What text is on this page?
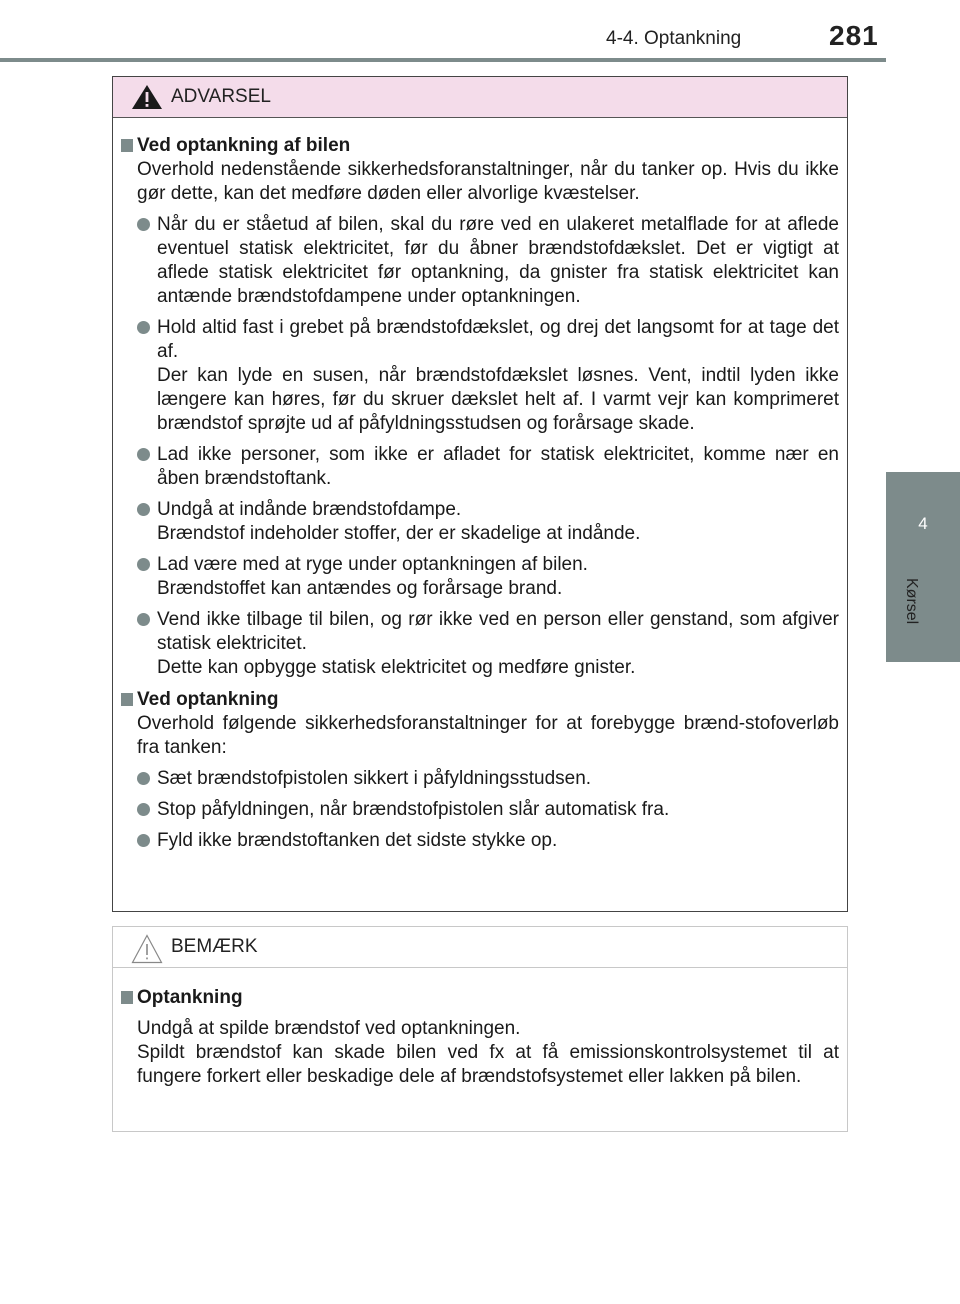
4-4. Optankning	281
4
Kørsel
ADVARSEL
Ved optankning af bilen

Overhold nedenstående sikkerhedsforanstaltninger, når du tanker op. Hvis du ikke gør dette, kan det medføre døden eller alvorlige kvæstelser.

Når du er ståetud af bilen, skal du røre ved en ulakeret metalflade for at aflede eventuel statisk elektricitet, før du åbner brændstofdækslet. Det er vigtigt at aflede statisk elektricitet før optankning, da gnister fra statisk elektricitet kan antænde brændstofdampene under optankningen.
Hold altid fast i grebet på brændstofdækslet, og drej det langsomt for at tage det af.
Der kan lyde en susen, når brændstofdækslet løsnes. Vent, indtil lyden ikke længere kan høres, før du skruer dækslet helt af. I varmt vejr kan komprimeret brændstof sprøjte ud af påfyldningsstudsen og forårsage skade.
Lad ikke personer, som ikke er afladet for statisk elektricitet, komme nær en åben brændstoftank.
Undgå at indånde brændstofdampe.
Brændstof indeholder stoffer, der er skadelige at indånde.
Lad være med at ryge under optankningen af bilen.
Brændstoffet kan antændes og forårsage brand.
Vend ikke tilbage til bilen, og rør ikke ved en person eller genstand, som afgiver statisk elektricitet.
Dette kan opbygge statisk elektricitet og medføre gnister.
Ved optankning

Overhold følgende sikkerhedsforanstaltninger for at forebygge brænd-stofoverløb fra tanken:

Sæt brændstofpistolen sikkert i påfyldningsstudsen.
Stop påfyldningen, når brændstofpistolen slår automatisk fra.
Fyld ikke brændstoftanken det sidste stykke op.
BEMÆRK
Optankning

Undgå at spilde brændstof ved optankningen.
Spildt brændstof kan skade bilen ved fx at få emissionskontrolsystemet til at fungere forkert eller beskadige dele af brændstofsystemet eller lakken på bilen.
